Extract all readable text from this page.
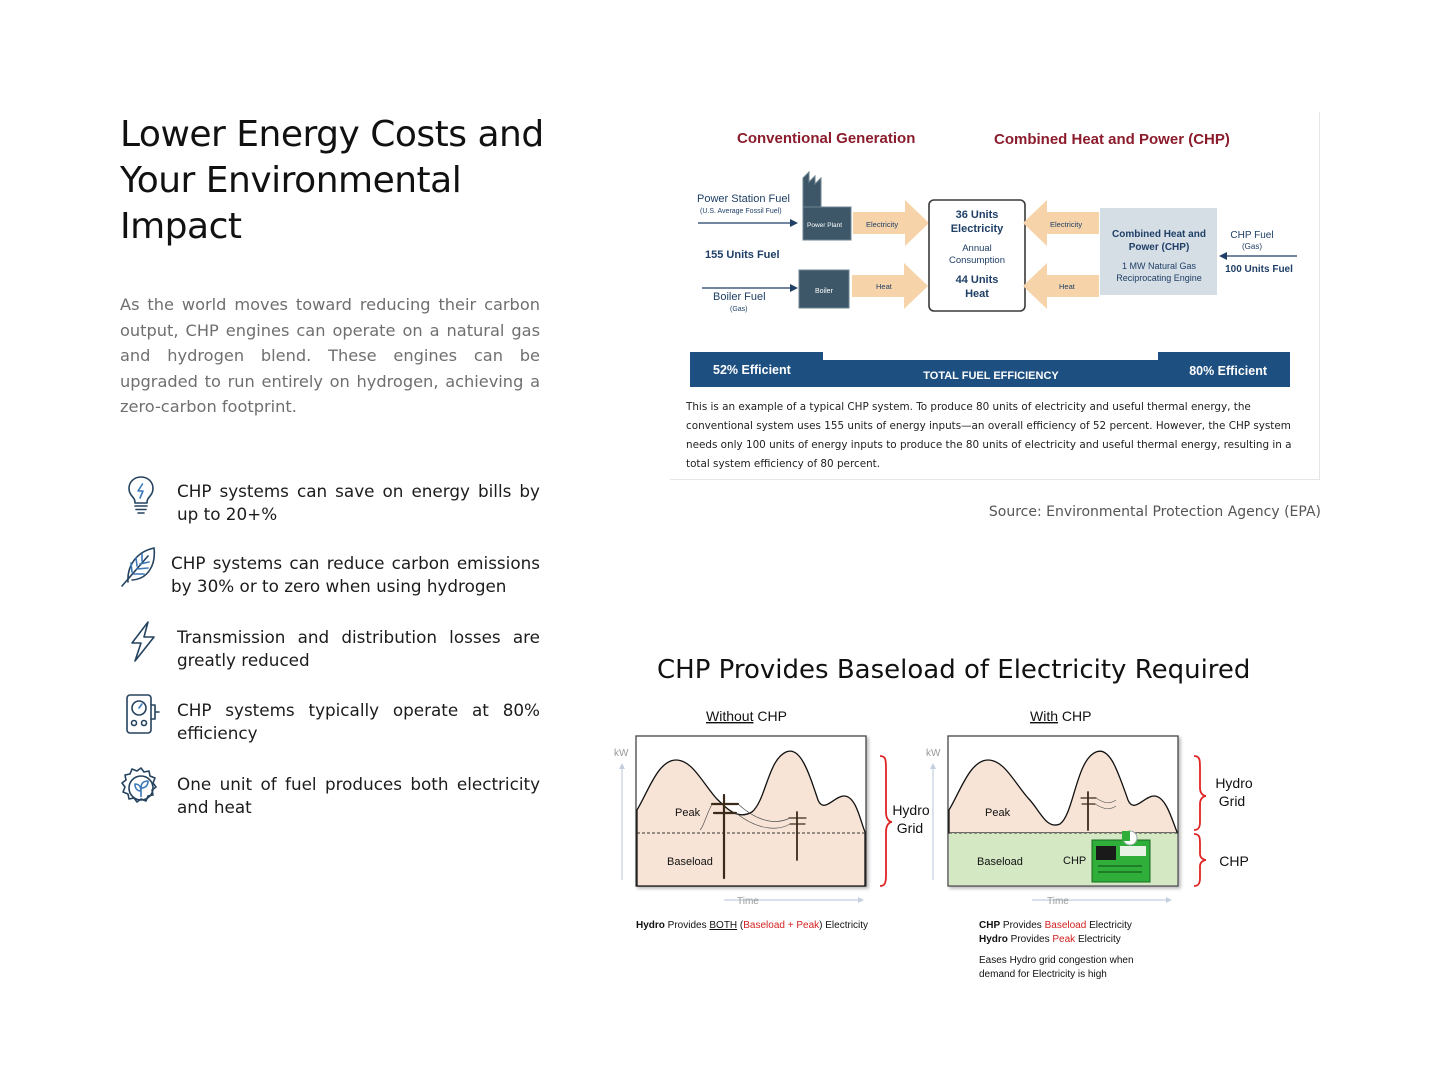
Lower Energy Costs and Your Environmental Impact

As the world moves toward reducing their carbon output, CHP engines can operate on a natural gas and hydrogen blend. These engines can be upgraded to run entirely on hydrogen, achieving a zero-carbon footprint.

CHP systems can save on energy bills by up to 20+%
CHP systems can reduce carbon emissions by 30% or to zero when using hydrogen
Transmission and distribution losses are greatly reduced
CHP systems typically operate at 80% efficiency
One unit of fuel produces both electricity and heat
Conventional Generation	Combined Heat and Power (CHP)
Power Station Fuel
(U.S. Average Fossil Fuel)
155 Units Fuel
Boiler Fuel
(Gas)
Power Plant
Boiler
Electricity
Heat
36 Units
Electricity
Annual
Consumption
44 Units
Heat
Electricity
Heat
Combined Heat and
Power (CHP)
1 MW Natural Gas
Reciprocating Engine
CHP Fuel
(Gas)
100 Units Fuel
52% Efficient	TOTAL FUEL EFFICIENCY	80% Efficient
This is an example of a typical CHP system. To produce 80 units of electricity and useful thermal energy, the conventional system uses 155 units of energy inputs—an overall efficiency of 52 percent. However, the CHP system needs only 100 units of energy inputs to produce the 80 units of electricity and useful thermal energy, resulting in a total system efficiency of 80 percent.
Source: Environmental Protection Agency (EPA)
CHP Provides Baseload of Electricity Required
Without CHP	With CHP
kW
Time
Peak
Baseload
Hydro
Grid
kW
Time
Peak
Baseload	CHP
Hydro
Grid
CHP
Hydro Provides BOTH (Baseload + Peak) Electricity	CHP Provides Baseload Electricity
Hydro Provides Peak Electricity
Eases Hydro grid congestion when
demand for Electricity is high
